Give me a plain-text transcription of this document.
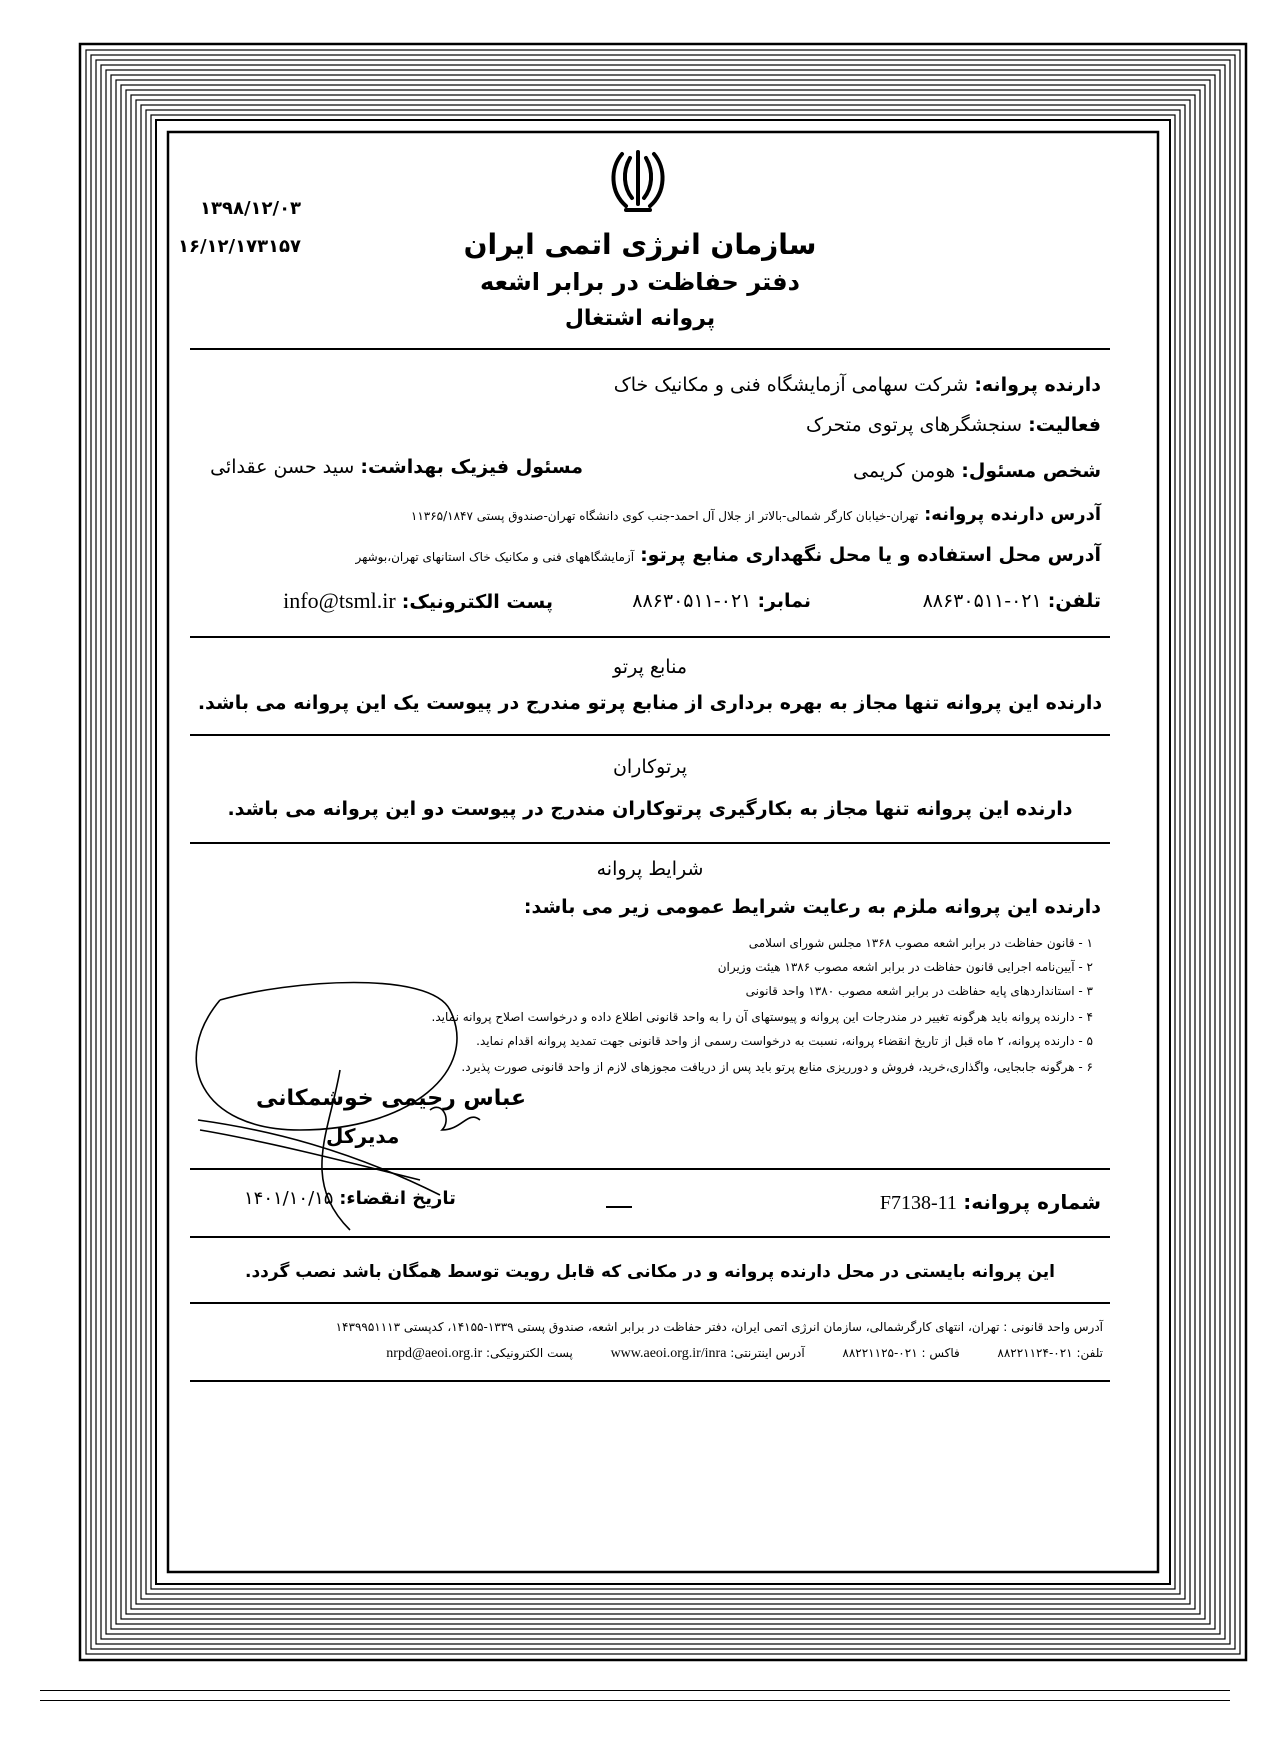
۱۳۹۸/۱۲/۰۳
۱۶/۱۲/۱۷۳۱۵۷	سازمان انرژی اتمی ایران
دفتر حفاظت در برابر اشعه
پروانه اشتغال
دارنده پروانه: شرکت سهامی آزمایشگاه فنی و مکانیک خاک
فعالیت: سنجشگرهای پرتوی متحرک
شخص مسئول: هومن کریمی
مسئول فیزیک بهداشت: سید حسن عقدائی
آدرس دارنده پروانه: تهران-خیابان کارگر شمالی-بالاتر از جلال آل احمد-جنب کوی دانشگاه تهران-صندوق پستی ۱۱۳۶۵/۱۸۴۷
آدرس محل استفاده و یا محل نگهداری منابع پرتو: آزمایشگاههای فنی و مکانیک خاک استانهای تهران،بوشهر
تلفن: ۰۲۱-۸۸۶۳۰۵۱۱
نمابر: ۰۲۱-۸۸۶۳۰۵۱۱
پست الکترونیک: info@tsml.ir
منابع پرتو
دارنده این پروانه تنها مجاز به بهره برداری از منابع پرتو مندرج در پیوست یک این پروانه می باشد.
پرتوکاران
دارنده این پروانه تنها مجاز به بکارگیری پرتوکاران مندرج در پیوست دو این پروانه می باشد.
شرایط پروانه
دارنده این پروانه ملزم به رعایت شرایط عمومی زیر می باشد:
۱ - قانون حفاظت در برابر اشعه مصوب ۱۳۶۸ مجلس شورای اسلامی
۲ - آیین‌نامه اجرایی قانون حفاظت در برابر اشعه مصوب ۱۳۸۶ هیئت وزیران
۳ - استانداردهای پایه حفاظت در برابر اشعه مصوب ۱۳۸۰ واحد قانونی
۴ - دارنده پروانه باید هرگونه تغییر در مندرجات این پروانه و پیوستهای آن را به واحد قانونی اطلاع داده و درخواست اصلاح پروانه نماید.
۵ - دارنده پروانه، ۲ ماه قبل از تاریخ انقضاء پروانه، نسبت به درخواست رسمی از واحد قانونی جهت تمدید پروانه اقدام نماید.
۶ - هرگونه جابجایی، واگذاری،خرید، فروش و دورریزی منابع پرتو باید پس از دریافت مجوزهای لازم از واحد قانونی صورت پذیرد.
عباس رحیمی خوشمکانی
مدیرکل
شماره پروانه: F7138-11
تاریخ انقضاء: ۱۴۰۱/۱۰/۱۵
این پروانه بایستی در محل دارنده پروانه و در مکانی که قابل رویت توسط همگان باشد نصب گردد.
آدرس واحد قانونی : تهران، انتهای کارگرشمالی، سازمان انرژی اتمی ایران، دفتر حفاظت در برابر اشعه، صندوق پستی ۱۳۳۹-۱۴۱۵۵، کدپستی ۱۴۳۹۹۵۱۱۱۳
تلفن: ۰۲۱-۸۸۲۲۱۱۲۴  فاکس : ۰۲۱-۸۸۲۲۱۱۲۵  آدرس اینترنتی: www.aeoi.org.ir/inra  پست الکترونیکی: nrpd@aeoi.org.ir
